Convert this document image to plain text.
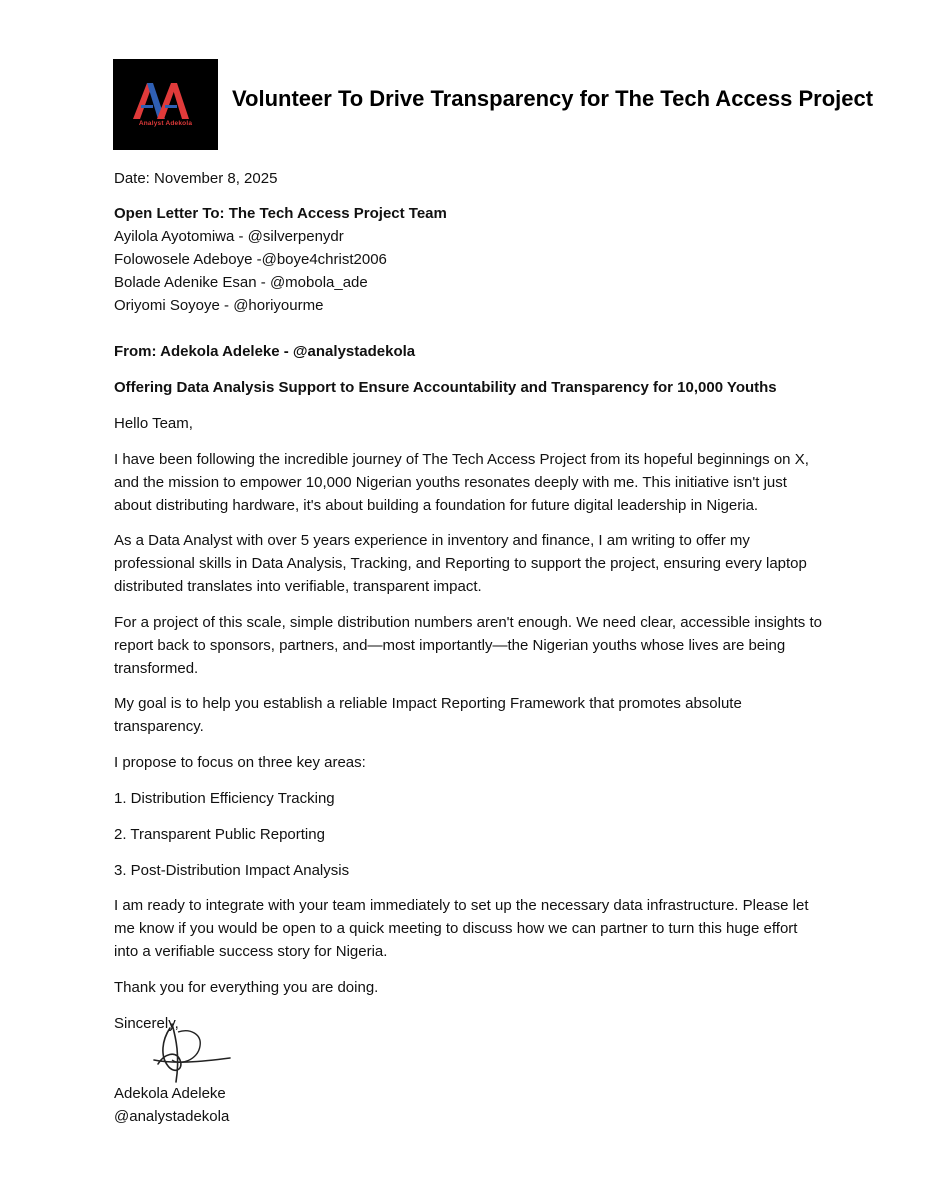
Analyst Adekola
Volunteer To Drive Transparency for The Tech Access Project
Date: November 8, 2025
Open Letter To: The Tech Access Project Team
Ayilola Ayotomiwa - @silverpenydr
Folowosele Adeboye -@boye4christ2006
Bolade Adenike Esan - @mobola_ade
Oriyomi Soyoye - @horiyourme
From: Adekola Adeleke - @analystadekola
Offering Data Analysis Support to Ensure Accountability and Transparency for 10,000 Youths
Hello Team,
I have been following the incredible journey of The Tech Access Project from its hopeful beginnings on X,
and the mission to empower 10,000 Nigerian youths resonates deeply with me. This initiative isn't just
about distributing hardware, it's about building a foundation for future digital leadership in Nigeria.
As a Data Analyst with over 5 years experience in inventory and finance, I am writing to offer my
professional skills in Data Analysis, Tracking, and Reporting to support the project, ensuring every laptop
distributed translates into verifiable, transparent impact.
For a project of this scale, simple distribution numbers aren't enough. We need clear, accessible insights to
report back to sponsors, partners, and—most importantly—the Nigerian youths whose lives are being
transformed.
My goal is to help you establish a reliable Impact Reporting Framework that promotes absolute
transparency.
I propose to focus on three key areas:
1. Distribution Efficiency Tracking
2. Transparent Public Reporting
3. Post-Distribution Impact Analysis
I am ready to integrate with your team immediately to set up the necessary data infrastructure. Please let
me know if you would be open to a quick meeting to discuss how we can partner to turn this huge effort
into a verifiable success story for Nigeria.
Thank you for everything you are doing.
Sincerely,
Adekola Adeleke
@analystadekola
